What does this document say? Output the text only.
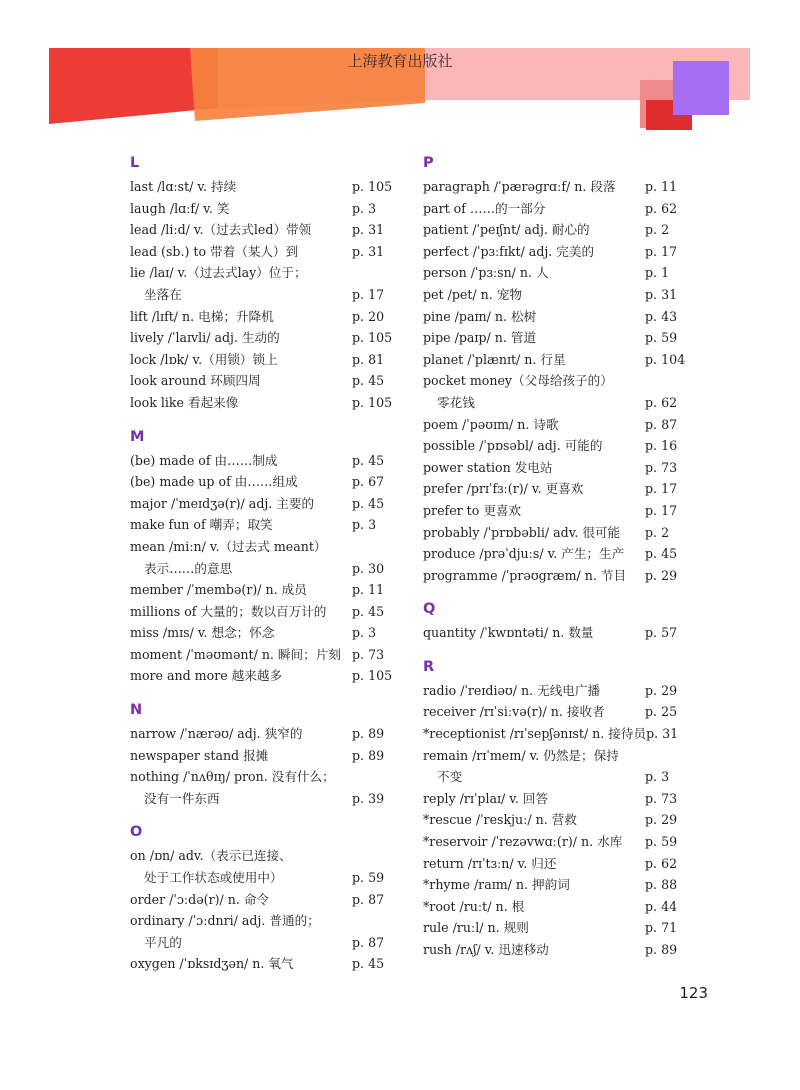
上海教育出版社
L
last /lɑːst/ v. 持续	p. 105
laugh /lɑːf/ v. 笑	p. 3
lead /liːd/ v.（过去式led）带领	p. 31
lead (sb.) to 带着（某人）到	p. 31
lie /laɪ/ v.（过去式lay）位于；
坐落在	p. 17
lift /lɪft/ n. 电梯；升降机	p. 20
lively /ˈlaɪvli/ adj. 生动的	p. 105
lock /lɒk/ v.（用锁）锁上	p. 81
look around 环顾四周	p. 45
look like 看起来像	p. 105
M
(be) made of 由……制成	p. 45
(be) made up of 由……组成	p. 67
major /ˈmeɪdʒə(r)/ adj. 主要的	p. 45
make fun of 嘲弄；取笑	p. 3
mean /miːn/ v.（过去式 meant）
表示……的意思	p. 30
member /ˈmembə(r)/ n. 成员	p. 11
millions of 大量的；数以百万计的 p. 45
miss /mɪs/ v. 想念；怀念	p. 3
moment /ˈməʊmənt/ n. 瞬间；片刻 p. 73
more and more 越来越多	p. 105
N
narrow /ˈnærəʊ/ adj. 狭窄的	p. 89
newspaper stand 报摊	p. 89
nothing /ˈnʌθɪŋ/ pron. 没有什么；
没有一件东西	p. 39
O
on /ɒn/ adv.（表示已连接、
处于工作状态或使用中）	p. 59
order /ˈɔːdə(r)/ n. 命令	p. 87
ordinary /ˈɔːdnri/ adj. 普通的；
平凡的	p. 87
oxygen /ˈɒksɪdʒən/ n. 氧气	p. 45
P
paragraph /ˈpærəgrɑːf/ n. 段落 p. 11
part of ……的一部分	p. 62
patient /ˈpeɪʃnt/ adj. 耐心的	p. 2
perfect /ˈpɜːfɪkt/ adj. 完美的	p. 17
person /ˈpɜːsn/ n. 人	p. 1
pet /pet/ n. 宠物	p. 31
pine /paɪn/ n. 松树	p. 43
pipe /paɪp/ n. 管道	p. 59
planet /ˈplænɪt/ n. 行星	p. 104
pocket money（父母给孩子的）
零花钱	p. 62
poem /ˈpəʊɪm/ n. 诗歌	p. 87
possible /ˈpɒsəbl/ adj. 可能的	p. 16
power station 发电站	p. 73
prefer /prɪˈfɜː(r)/ v. 更喜欢	p. 17
prefer to 更喜欢	p. 17
probably /ˈprɒbəbli/ adv. 很可能 p. 2
produce /prəˈdjuːs/ v. 产生；生产 p. 45
programme /ˈprəʊgræm/ n. 节目 p. 29
Q
quantity /ˈkwɒntəti/ n. 数量	p. 57
R
radio /ˈreɪdiəʊ/ n. 无线电广播	p. 29
receiver /rɪˈsiːvə(r)/ n. 接收者	p. 25
*receptionist /rɪˈsepʃənɪst/ n. 接待员 p. 31
remain /rɪˈmeɪn/ v. 仍然是；保持
不变	p. 3
reply /rɪˈplaɪ/ v. 回答	p. 73
*rescue /ˈreskjuː/ n. 营救	p. 29
*reservoir /ˈrezəvwɑː(r)/ n. 水库 p. 59
return /rɪˈtɜːn/ v. 归还	p. 62
*rhyme /raɪm/ n. 押韵词	p. 88
*root /ruːt/ n. 根	p. 44
rule /ruːl/ n. 规则	p. 71
rush /rʌʃ/ v. 迅速移动	p. 89
123
